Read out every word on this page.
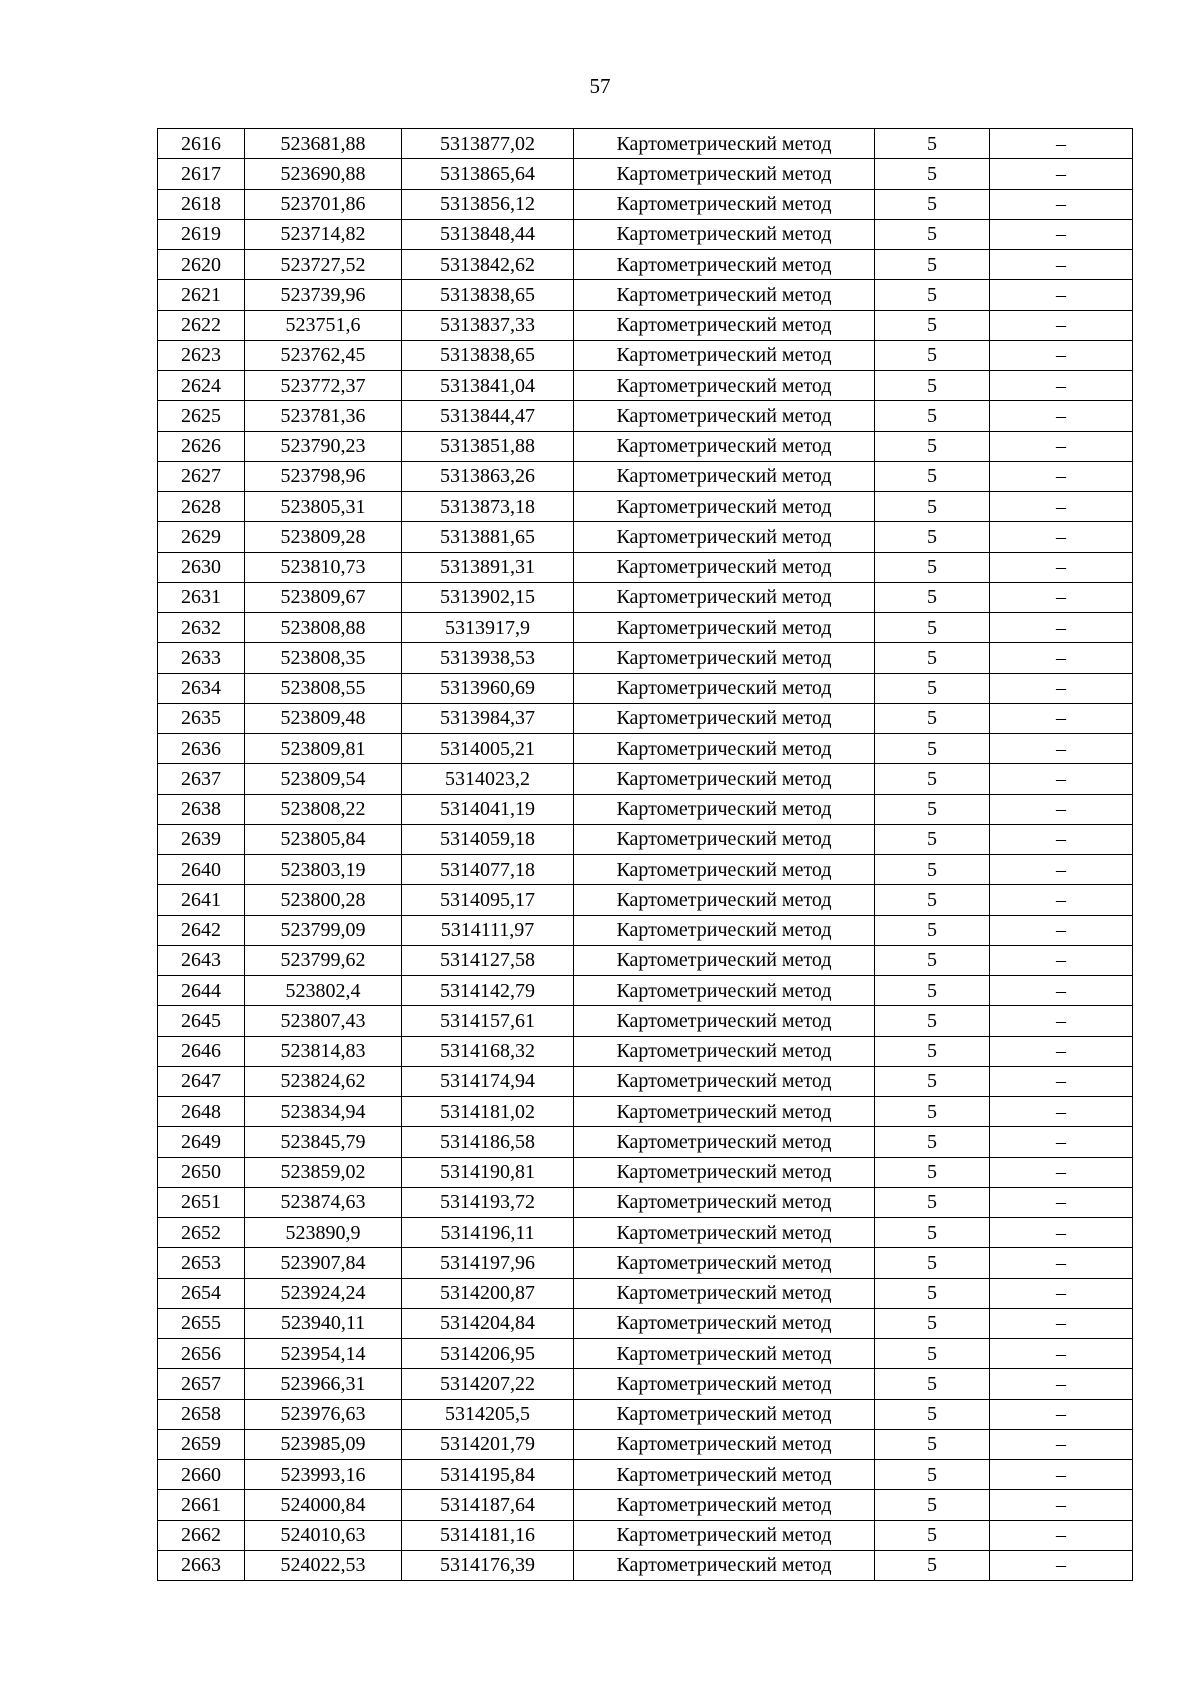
57
2616	523681,88	5313877,02	Картометрический метод	5	–
2617	523690,88	5313865,64	Картометрический метод	5	–
2618	523701,86	5313856,12	Картометрический метод	5	–
2619	523714,82	5313848,44	Картометрический метод	5	–
2620	523727,52	5313842,62	Картометрический метод	5	–
2621	523739,96	5313838,65	Картометрический метод	5	–
2622	523751,6	5313837,33	Картометрический метод	5	–
2623	523762,45	5313838,65	Картометрический метод	5	–
2624	523772,37	5313841,04	Картометрический метод	5	–
2625	523781,36	5313844,47	Картометрический метод	5	–
2626	523790,23	5313851,88	Картометрический метод	5	–
2627	523798,96	5313863,26	Картометрический метод	5	–
2628	523805,31	5313873,18	Картометрический метод	5	–
2629	523809,28	5313881,65	Картометрический метод	5	–
2630	523810,73	5313891,31	Картометрический метод	5	–
2631	523809,67	5313902,15	Картометрический метод	5	–
2632	523808,88	5313917,9	Картометрический метод	5	–
2633	523808,35	5313938,53	Картометрический метод	5	–
2634	523808,55	5313960,69	Картометрический метод	5	–
2635	523809,48	5313984,37	Картометрический метод	5	–
2636	523809,81	5314005,21	Картометрический метод	5	–
2637	523809,54	5314023,2	Картометрический метод	5	–
2638	523808,22	5314041,19	Картометрический метод	5	–
2639	523805,84	5314059,18	Картометрический метод	5	–
2640	523803,19	5314077,18	Картометрический метод	5	–
2641	523800,28	5314095,17	Картометрический метод	5	–
2642	523799,09	5314111,97	Картометрический метод	5	–
2643	523799,62	5314127,58	Картометрический метод	5	–
2644	523802,4	5314142,79	Картометрический метод	5	–
2645	523807,43	5314157,61	Картометрический метод	5	–
2646	523814,83	5314168,32	Картометрический метод	5	–
2647	523824,62	5314174,94	Картометрический метод	5	–
2648	523834,94	5314181,02	Картометрический метод	5	–
2649	523845,79	5314186,58	Картометрический метод	5	–
2650	523859,02	5314190,81	Картометрический метод	5	–
2651	523874,63	5314193,72	Картометрический метод	5	–
2652	523890,9	5314196,11	Картометрический метод	5	–
2653	523907,84	5314197,96	Картометрический метод	5	–
2654	523924,24	5314200,87	Картометрический метод	5	–
2655	523940,11	5314204,84	Картометрический метод	5	–
2656	523954,14	5314206,95	Картометрический метод	5	–
2657	523966,31	5314207,22	Картометрический метод	5	–
2658	523976,63	5314205,5	Картометрический метод	5	–
2659	523985,09	5314201,79	Картометрический метод	5	–
2660	523993,16	5314195,84	Картометрический метод	5	–
2661	524000,84	5314187,64	Картометрический метод	5	–
2662	524010,63	5314181,16	Картометрический метод	5	–
2663	524022,53	5314176,39	Картометрический метод	5	–
